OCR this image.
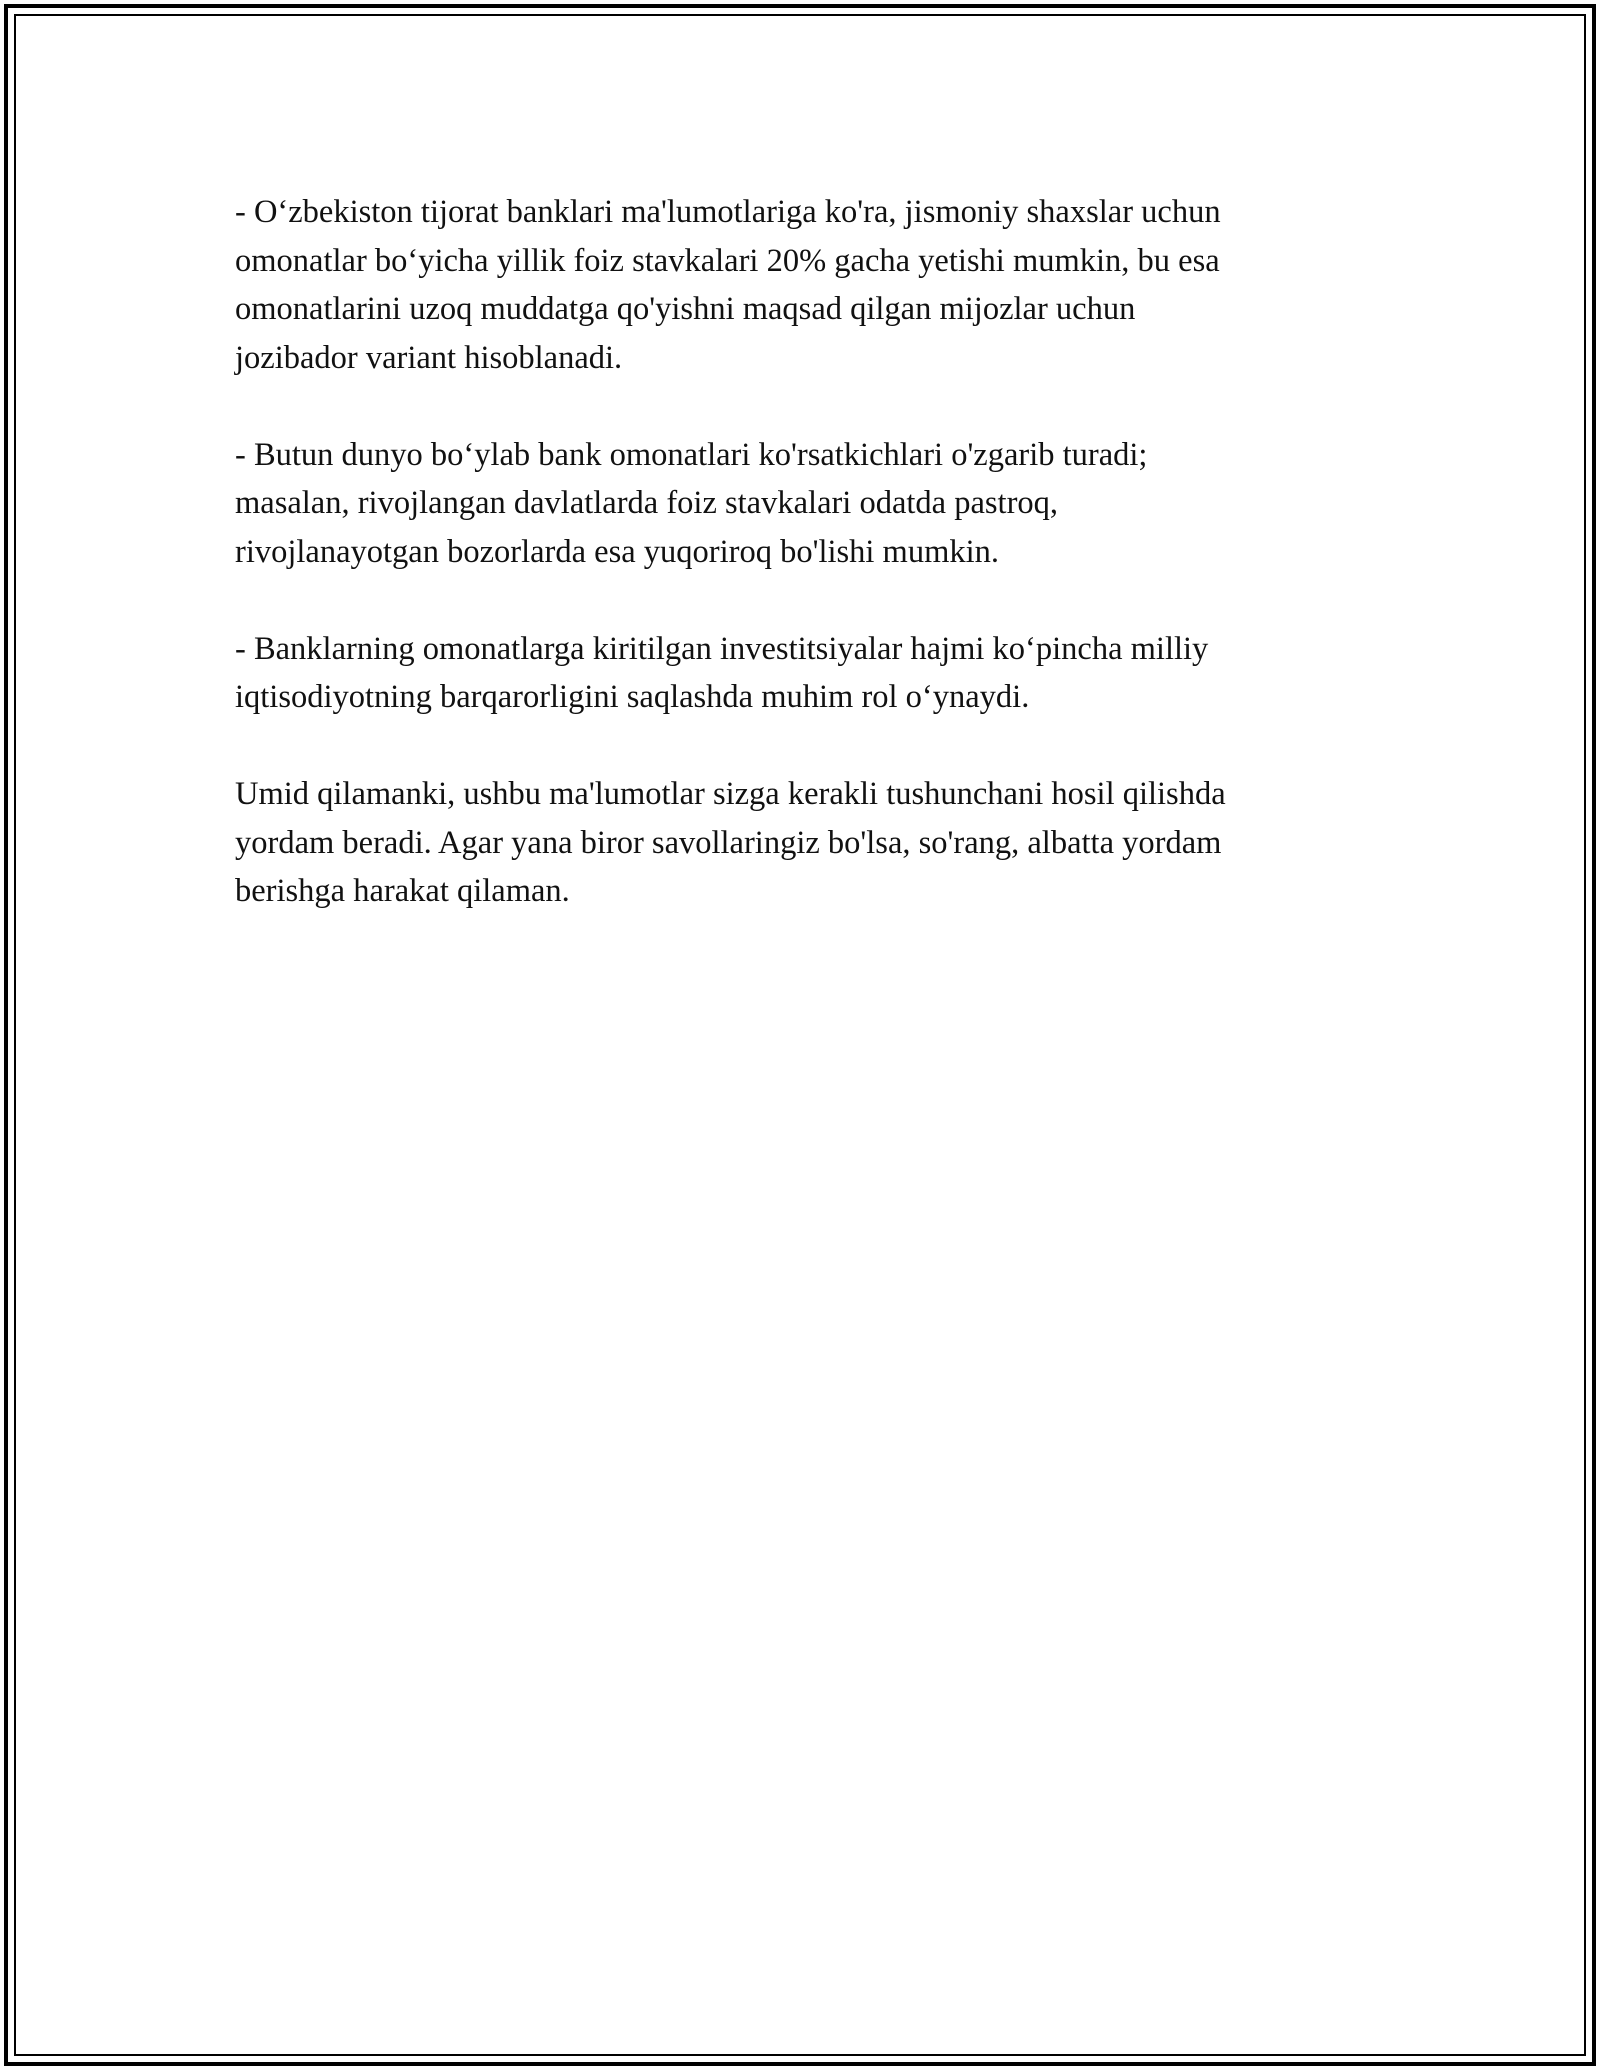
- Oʻzbekiston tijorat banklari ma'lumotlariga ko'ra, jismoniy shaxslar uchun
omonatlar boʻyicha yillik foiz stavkalari 20% gacha yetishi mumkin, bu esa
omonatlarini uzoq muddatga qo'yishni maqsad qilgan mijozlar uchun
jozibador variant hisoblanadi.

- Butun dunyo boʻylab bank omonatlari ko'rsatkichlari o'zgarib turadi;
masalan, rivojlangan davlatlarda foiz stavkalari odatda pastroq,
rivojlanayotgan bozorlarda esa yuqoriroq bo'lishi mumkin.

- Banklarning omonatlarga kiritilgan investitsiyalar hajmi koʻpincha milliy
iqtisodiyotning barqarorligini saqlashda muhim rol oʻynaydi.

Umid qilamanki, ushbu ma'lumotlar sizga kerakli tushunchani hosil qilishda
yordam beradi. Agar yana biror savollaringiz bo'lsa, so'rang, albatta yordam
berishga harakat qilaman.
